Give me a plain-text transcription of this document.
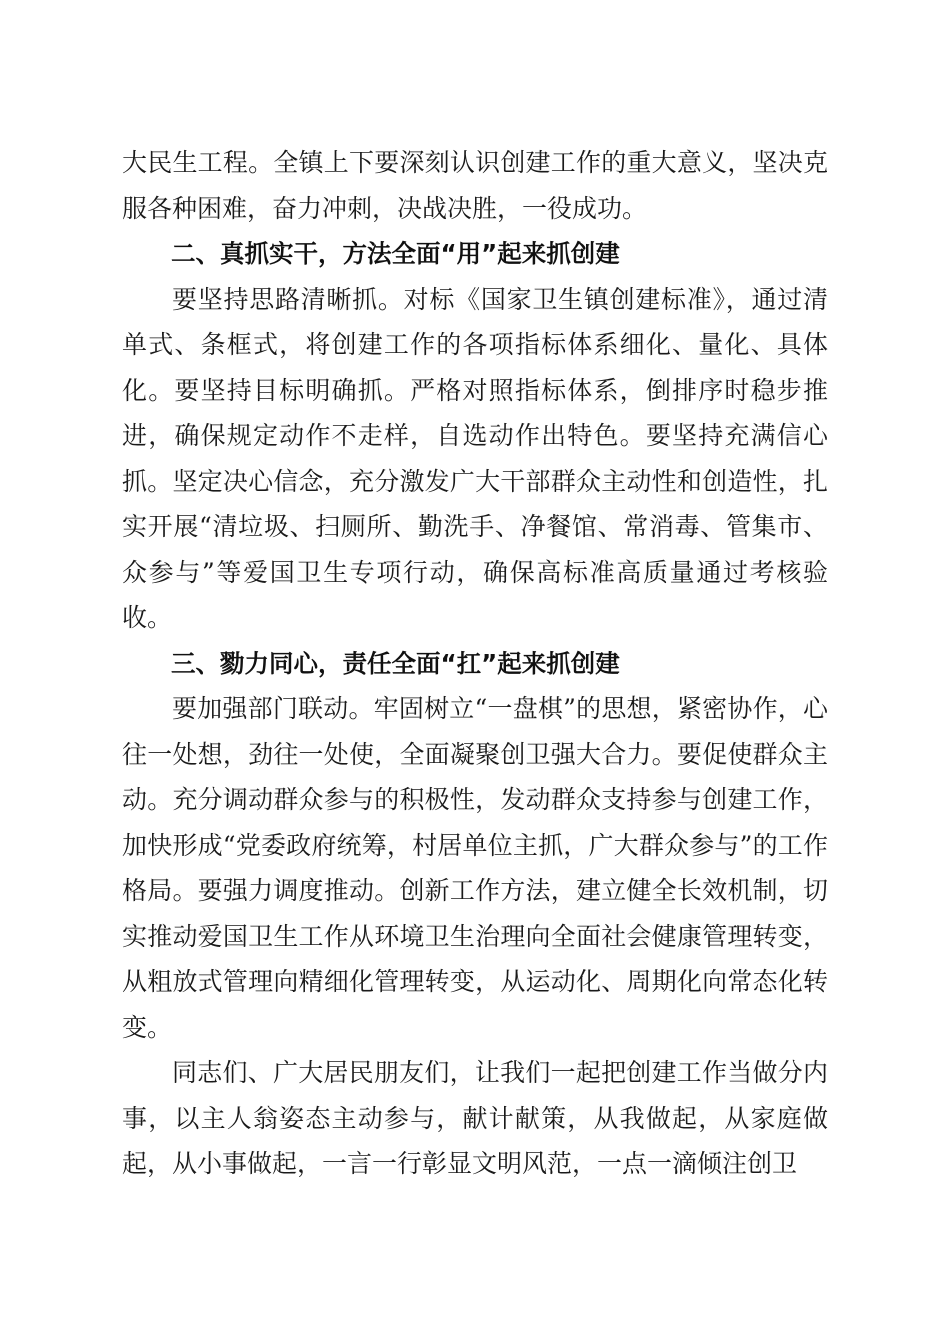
大民生工程。全镇上下要深刻认识创建工作的重大意义，坚决克服各种困难，奋力冲刺，决战决胜，一役成功。

二、真抓实干，方法全面“用”起来抓创建

要坚持思路清晰抓。对标《国家卫生镇创建标准》，通过清单式、条框式，将创建工作的各项指标体系细化、量化、具体化。要坚持目标明确抓。严格对照指标体系，倒排序时稳步推进，确保规定动作不走样，自选动作出特色。要坚持充满信心抓。坚定决心信念，充分激发广大干部群众主动性和创造性，扎实开展“清垃圾、扫厕所、勤洗手、净餐馆、常消毒、管集市、众参与”等爱国卫生专项行动，确保高标准高质量通过考核验收。

三、勠力同心，责任全面“扛”起来抓创建

要加强部门联动。牢固树立“一盘棋”的思想，紧密协作，心往一处想，劲往一处使，全面凝聚创卫强大合力。要促使群众主动。充分调动群众参与的积极性，发动群众支持参与创建工作，加快形成“党委政府统筹，村居单位主抓，广大群众参与”的工作格局。要强力调度推动。创新工作方法，建立健全长效机制，切实推动爱国卫生工作从环境卫生治理向全面社会健康管理转变，从粗放式管理向精细化管理转变，从运动化、周期化向常态化转变。

同志们、广大居民朋友们，让我们一起把创建工作当做分内事，以主人翁姿态主动参与，献计献策，从我做起，从家庭做起，从小事做起，一言一行彰显文明风范，一点一滴倾注创卫
